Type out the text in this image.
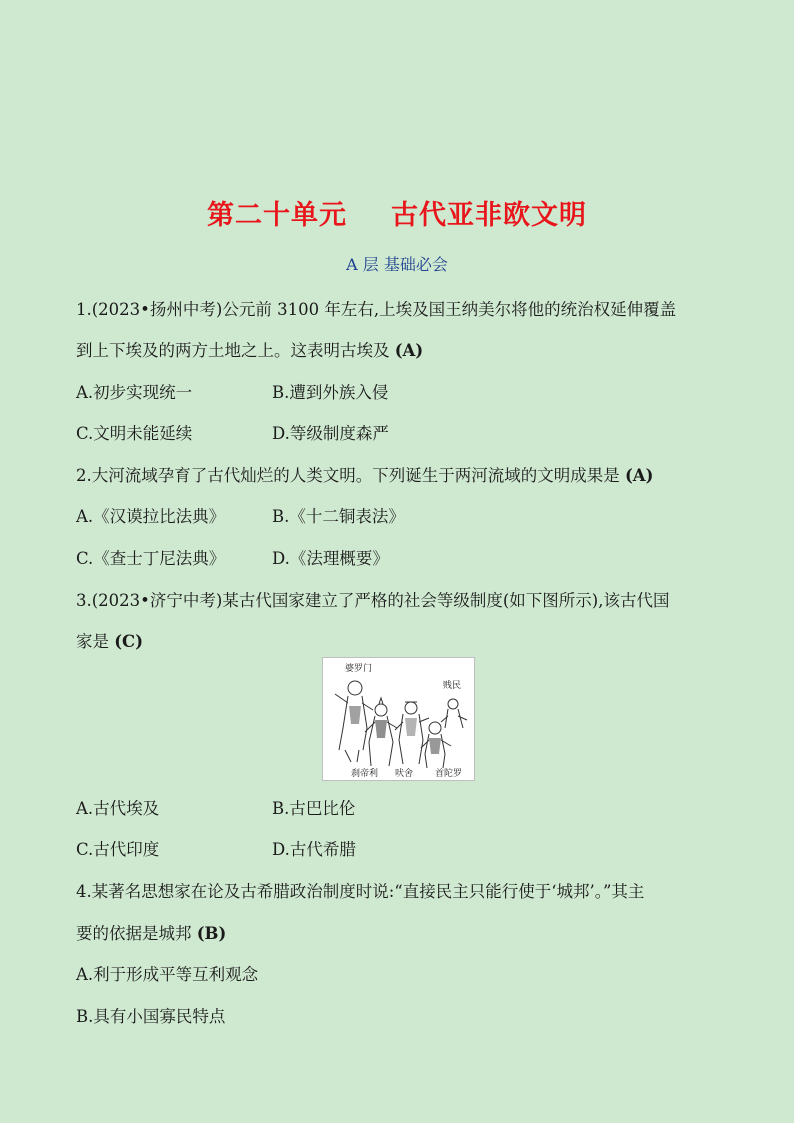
第二十单元 古代亚非欧文明
A 层 基础必会
1.(2023•扬州中考)公元前 3100 年左右,上埃及国王纳美尔将他的统治权延伸覆盖
到上下埃及的两方土地之上。这表明古埃及 (A)
A.初步实现统一	B.遭到外族入侵
C.文明未能延续	D.等级制度森严
2.大河流域孕育了古代灿烂的人类文明。下列诞生于两河流域的文明成果是 (A)
A.《汉谟拉比法典》	B.《十二铜表法》
C.《查士丁尼法典》	D.《法理概要》
3.(2023•济宁中考)某古代国家建立了严格的社会等级制度(如下图所示),该古代国
家是 (C)
婆罗门
贱民
刹帝利 吠舍 首陀罗
A.古代埃及	B.古巴比伦
C.古代印度	D.古代希腊
4.某著名思想家在论及古希腊政治制度时说:“直接民主只能行使于‘城邦’。”其主
要的依据是城邦 (B)
A.利于形成平等互利观念
B.具有小国寡民特点
